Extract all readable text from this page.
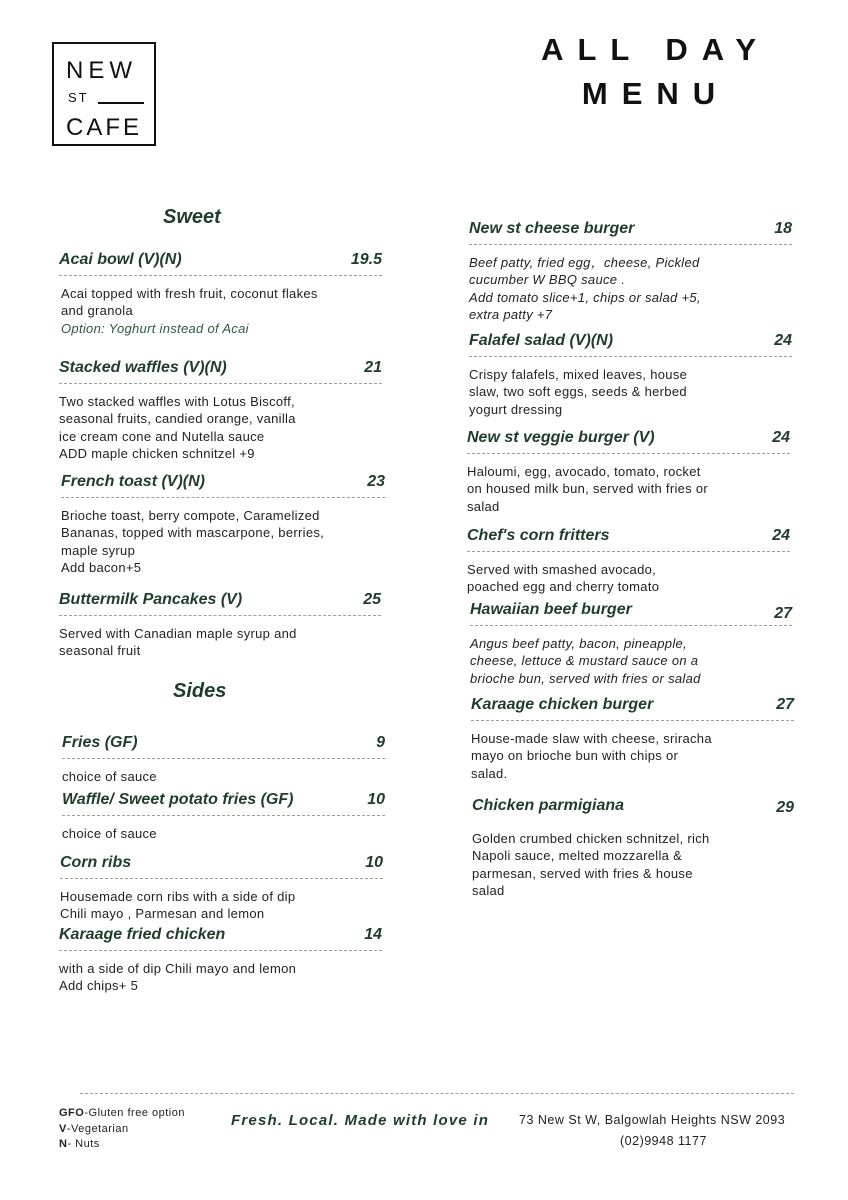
NEW
ST
CAFE
ALL DAY
MENU
Sweet
Sides
Acai bowl (V)(N)	19.5
Acai topped with fresh fruit, coconut flakes
and granola
Option: Yoghurt instead of Acai
Stacked waffles (V)(N)	21
Two stacked waffles with Lotus Biscoff,
seasonal fruits, candied orange, vanilla
ice cream cone and Nutella sauce
ADD maple chicken schnitzel +9
French toast (V)(N)	23
Brioche toast, berry compote, Caramelized
Bananas, topped with mascarpone, berries,
maple syrup
Add bacon+5
Buttermilk Pancakes (V)	25
Served with Canadian maple syrup and
seasonal fruit
Fries (GF)	9
choice of sauce
Waffle/ Sweet potato fries (GF)	10
choice of sauce
Corn ribs	10
Housemade corn ribs with a side of dip
Chili mayo , Parmesan and lemon
Karaage fried chicken	14
with a side of dip Chili mayo and lemon
Add chips+ 5
New st cheese burger	18
Beef patty, fried egg，cheese, Pickled
cucumber W BBQ sauce .
Add tomato slice+1, chips or salad +5,
extra patty +7
Falafel salad (V)(N)	24
Crispy falafels, mixed leaves, house
slaw, two soft eggs, seeds & herbed
yogurt dressing
New st veggie burger (V)	24
Haloumi, egg, avocado, tomato, rocket
on housed milk bun, served with fries or
salad
Chef's corn fritters	24
Served with smashed avocado,
poached egg and cherry tomato
Hawaiian beef burger	27
Angus beef patty, bacon, pineapple,
cheese, lettuce & mustard sauce on a
brioche bun, served with fries or salad
Karaage chicken burger	27
House-made slaw with cheese, sriracha
mayo on brioche bun with chips or
salad.
Chicken parmigiana	29
Golden crumbed chicken schnitzel, rich
Napoli sauce, melted mozzarella &
parmesan, served with fries & house
salad
GFO-Gluten free option
V-Vegetarian
N- Nuts
Fresh. Local. Made with love in 73 New St W, Balgowlah Heights NSW 2093
(02)9948 1177
